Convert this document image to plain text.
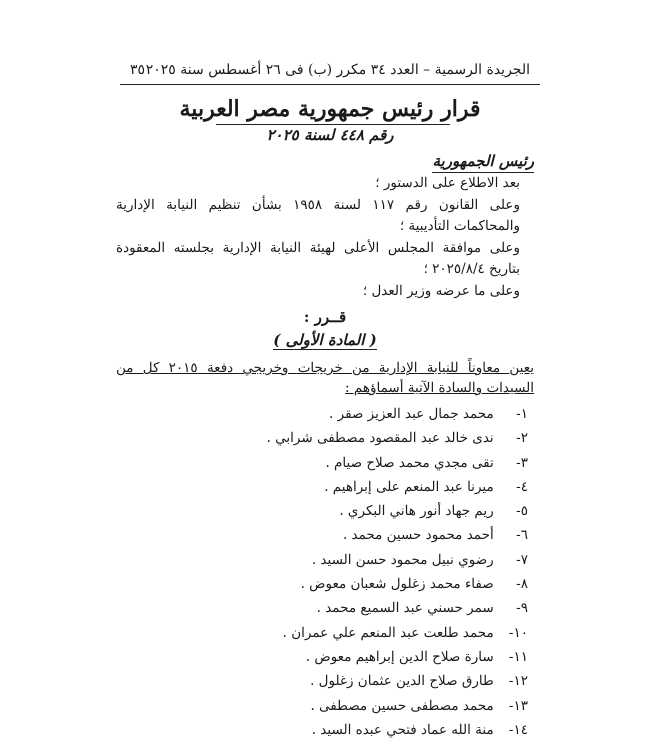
الجريدة الرسمية – العدد ٣٤ مكرر (ب) فى ٢٦ أغسطس سنة ٢٠٢٥
٣٥
قرار رئيس جمهورية مصر العربية
رقم ٤٤٨ لسنة ٢٠٢٥
رئيس الجمهورية
بعد الاطلاع على الدستور ؛
وعلى القانون رقم ١١٧ لسنة ١٩٥٨ بشأن تنظيم النيابة الإدارية والمحاكمات التأديبية ؛
وعلى موافقة المجلس الأعلى لهيئة النيابة الإدارية بجلسته المعقودة بتاريخ ٢٠٢٥/٨/٤ ؛
وعلى ما عرضه وزير العدل ؛
قــرر :
( المادة الأولى )
يعين معاوناً للنيابة الإدارية من خريجات وخريجي دفعة ٢٠١٥ كل من السيدات والسادة الآتية أسماؤهم :
١- محمد جمال عبد العزيز صقر .
٢- ندى خالد عبد المقصود مصطفى شرابي .
٣- تقى مجدي محمد صلاح صيام .
٤- ميرنا عبد المنعم على إبراهيم .
٥- ريم جهاد أنور هاني البكري .
٦- أحمد محمود حسين محمد .
٧- رضوي نبيل محمود حسن السيد .
٨- صفاء محمد زغلول شعبان معوض .
٩- سمر حسني عبد السميع محمد .
١٠- محمد طلعت عبد المنعم علي عمران .
١١- سارة صلاح الدين إبراهيم معوض .
١٢- طارق صلاح الدين عثمان زغلول .
١٣- محمد مصطفى حسين مصطفى .
١٤- منة الله عماد فتحي عبده السيد .
